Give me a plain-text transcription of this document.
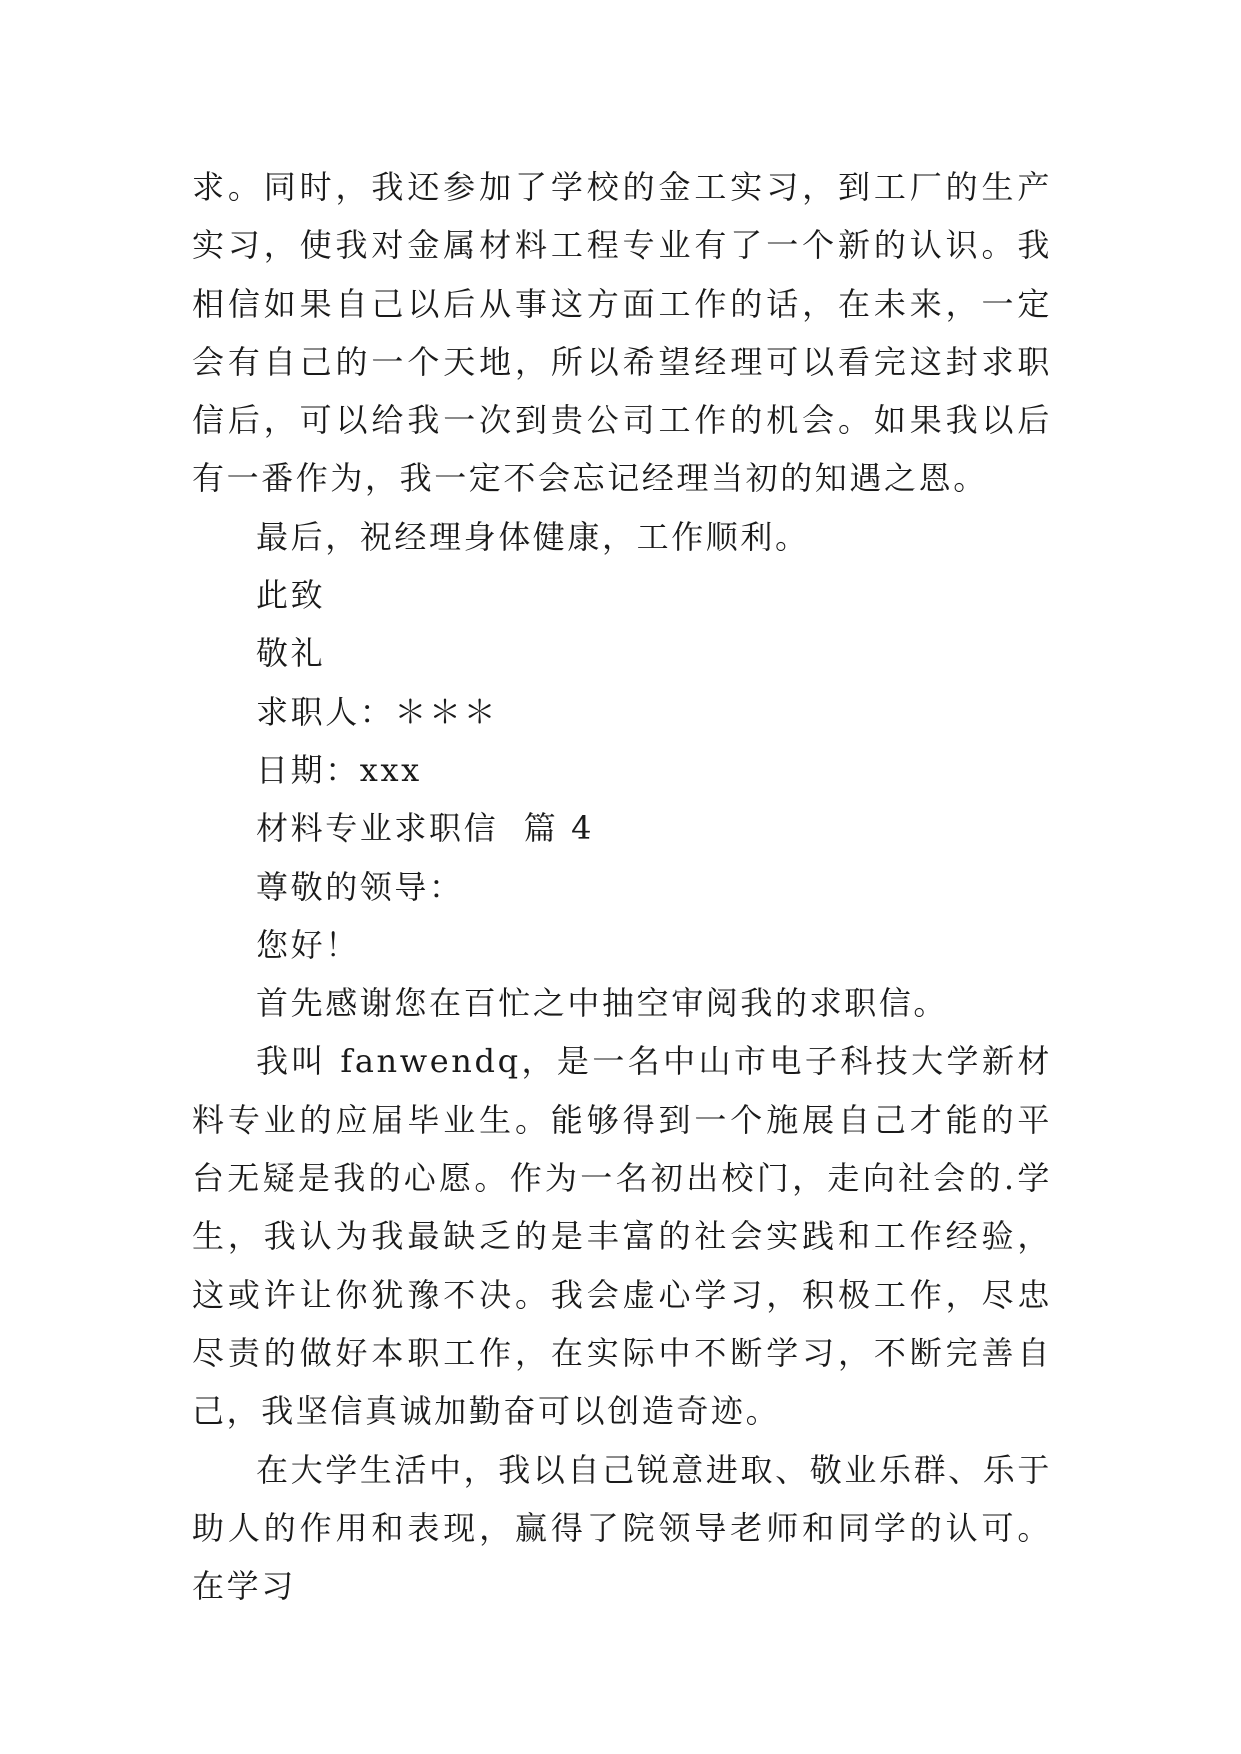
求。同时，我还参加了学校的金工实习，到工厂的生产实习，使我对金属材料工程专业有了一个新的认识。我相信如果自己以后从事这方面工作的话，在未来，一定会有自己的一个天地，所以希望经理可以看完这封求职信后，可以给我一次到贵公司工作的机会。如果我以后有一番作为，我一定不会忘记经理当初的知遇之恩。

最后，祝经理身体健康，工作顺利。

此致

敬礼

求职人：＊＊＊

日期：xxx

材料专业求职信  篇 4

尊敬的领导：

您好！

首先感谢您在百忙之中抽空审阅我的求职信。

我叫 fanwendq，是一名中山市电子科技大学新材料专业的应届毕业生。能够得到一个施展自己才能的平台无疑是我的心愿。作为一名初出校门，走向社会的.学生，我认为我最缺乏的是丰富的社会实践和工作经验，这或许让你犹豫不决。我会虚心学习，积极工作，尽忠尽责的做好本职工作，在实际中不断学习，不断完善自己，我坚信真诚加勤奋可以创造奇迹。

在大学生活中，我以自己锐意进取、敬业乐群、乐于助人的作用和表现，赢得了院领导老师和同学的认可。在学习
